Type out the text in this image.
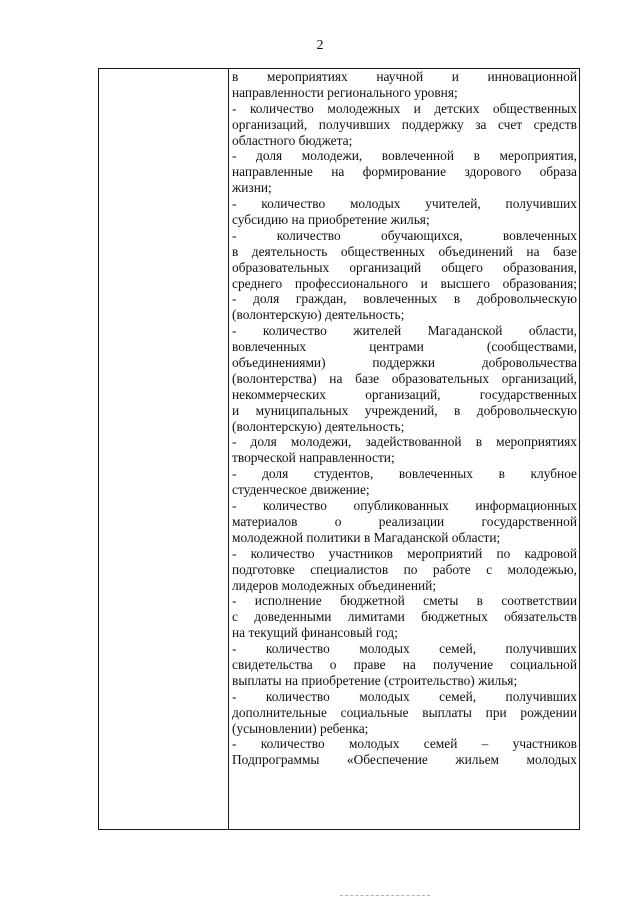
2

в мероприятиях научной и инновационной
направленности регионального уровня;
- количество молодежных и детских общественных
организаций, получивших поддержку за счет средств
областного бюджета;
- доля молодежи, вовлеченной в мероприятия,
направленные на формирование здорового образа
жизни;
- количество молодых учителей, получивших
субсидию на приобретение жилья;
- количество обучающихся, вовлеченных
в деятельность общественных объединений на базе
образовательных организаций общего образования,
среднего профессионального и высшего образования;
- доля граждан, вовлеченных в добровольческую
(волонтерскую) деятельность;
- количество жителей Магаданской области,
вовлеченных центрами (сообществами,
объединениями) поддержки добровольчества
(волонтерства) на базе образовательных организаций,
некоммерческих организаций, государственных
и муниципальных учреждений, в добровольческую
(волонтерскую) деятельность;
- доля молодежи, задействованной в мероприятиях
творческой направленности;
- доля студентов, вовлеченных в клубное
студенческое движение;
- количество опубликованных информационных
материалов о реализации государственной
молодежной политики в Магаданской области;
- количество участников мероприятий по кадровой
подготовке специалистов по работе с молодежью,
лидеров молодежных объединений;
- исполнение бюджетной сметы в соответствии
с доведенными лимитами бюджетных обязательств
на текущий финансовый год;
- количество молодых семей, получивших
свидетельства о праве на получение социальной
выплаты на приобретение (строительство) жилья;
- количество молодых семей, получивших
дополнительные социальные выплаты при рождении
(усыновлении) ребенка;
- количество молодых семей – участников
Подпрограммы «Обеспечение жильем молодых
